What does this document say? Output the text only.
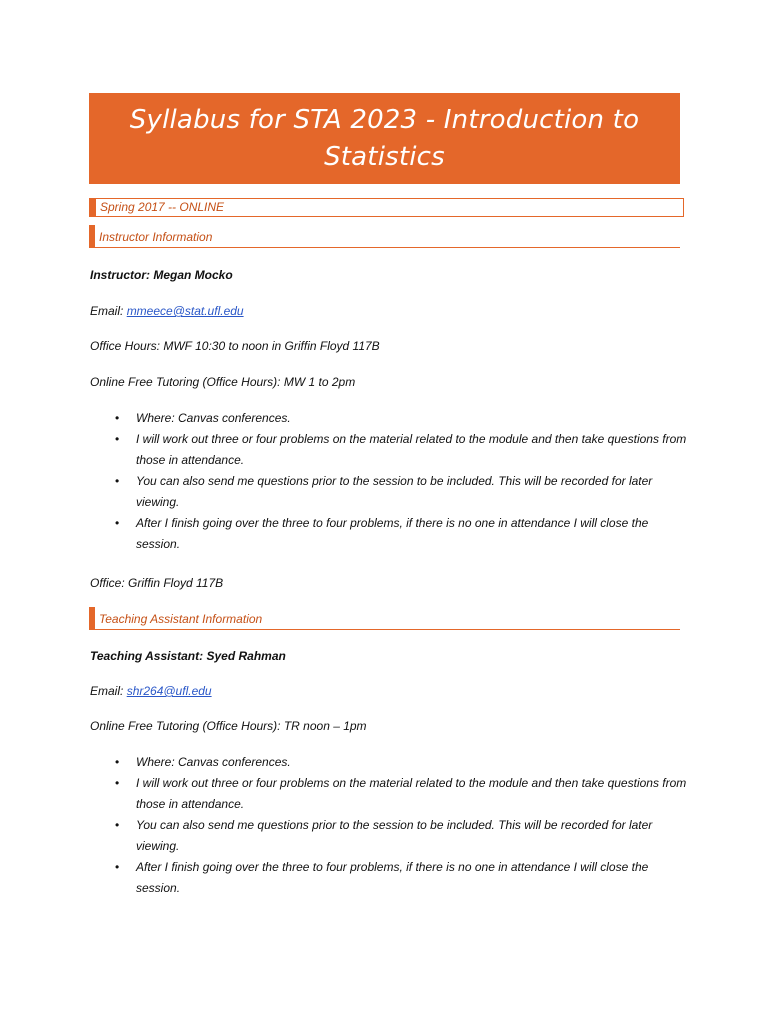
Syllabus for STA 2023 - Introduction to Statistics
Spring 2017 -- ONLINE
Instructor Information
Instructor: Megan Mocko
Email: mmeece@stat.ufl.edu
Office Hours: MWF 10:30 to noon in Griffin Floyd 117B
Online Free Tutoring (Office Hours): MW 1 to 2pm
• Where: Canvas conferences.
• I will work out three or four problems on the material related to the module and then take questions from those in attendance.
• You can also send me questions prior to the session to be included. This will be recorded for later viewing.
• After I finish going over the three to four problems, if there is no one in attendance I will close the session.
Office: Griffin Floyd 117B
Teaching Assistant Information
Teaching Assistant: Syed Rahman
Email: shr264@ufl.edu
Online Free Tutoring (Office Hours): TR noon – 1pm
• Where: Canvas conferences.
• I will work out three or four problems on the material related to the module and then take questions from those in attendance.
• You can also send me questions prior to the session to be included. This will be recorded for later viewing.
• After I finish going over the three to four problems, if there is no one in attendance I will close the session.
